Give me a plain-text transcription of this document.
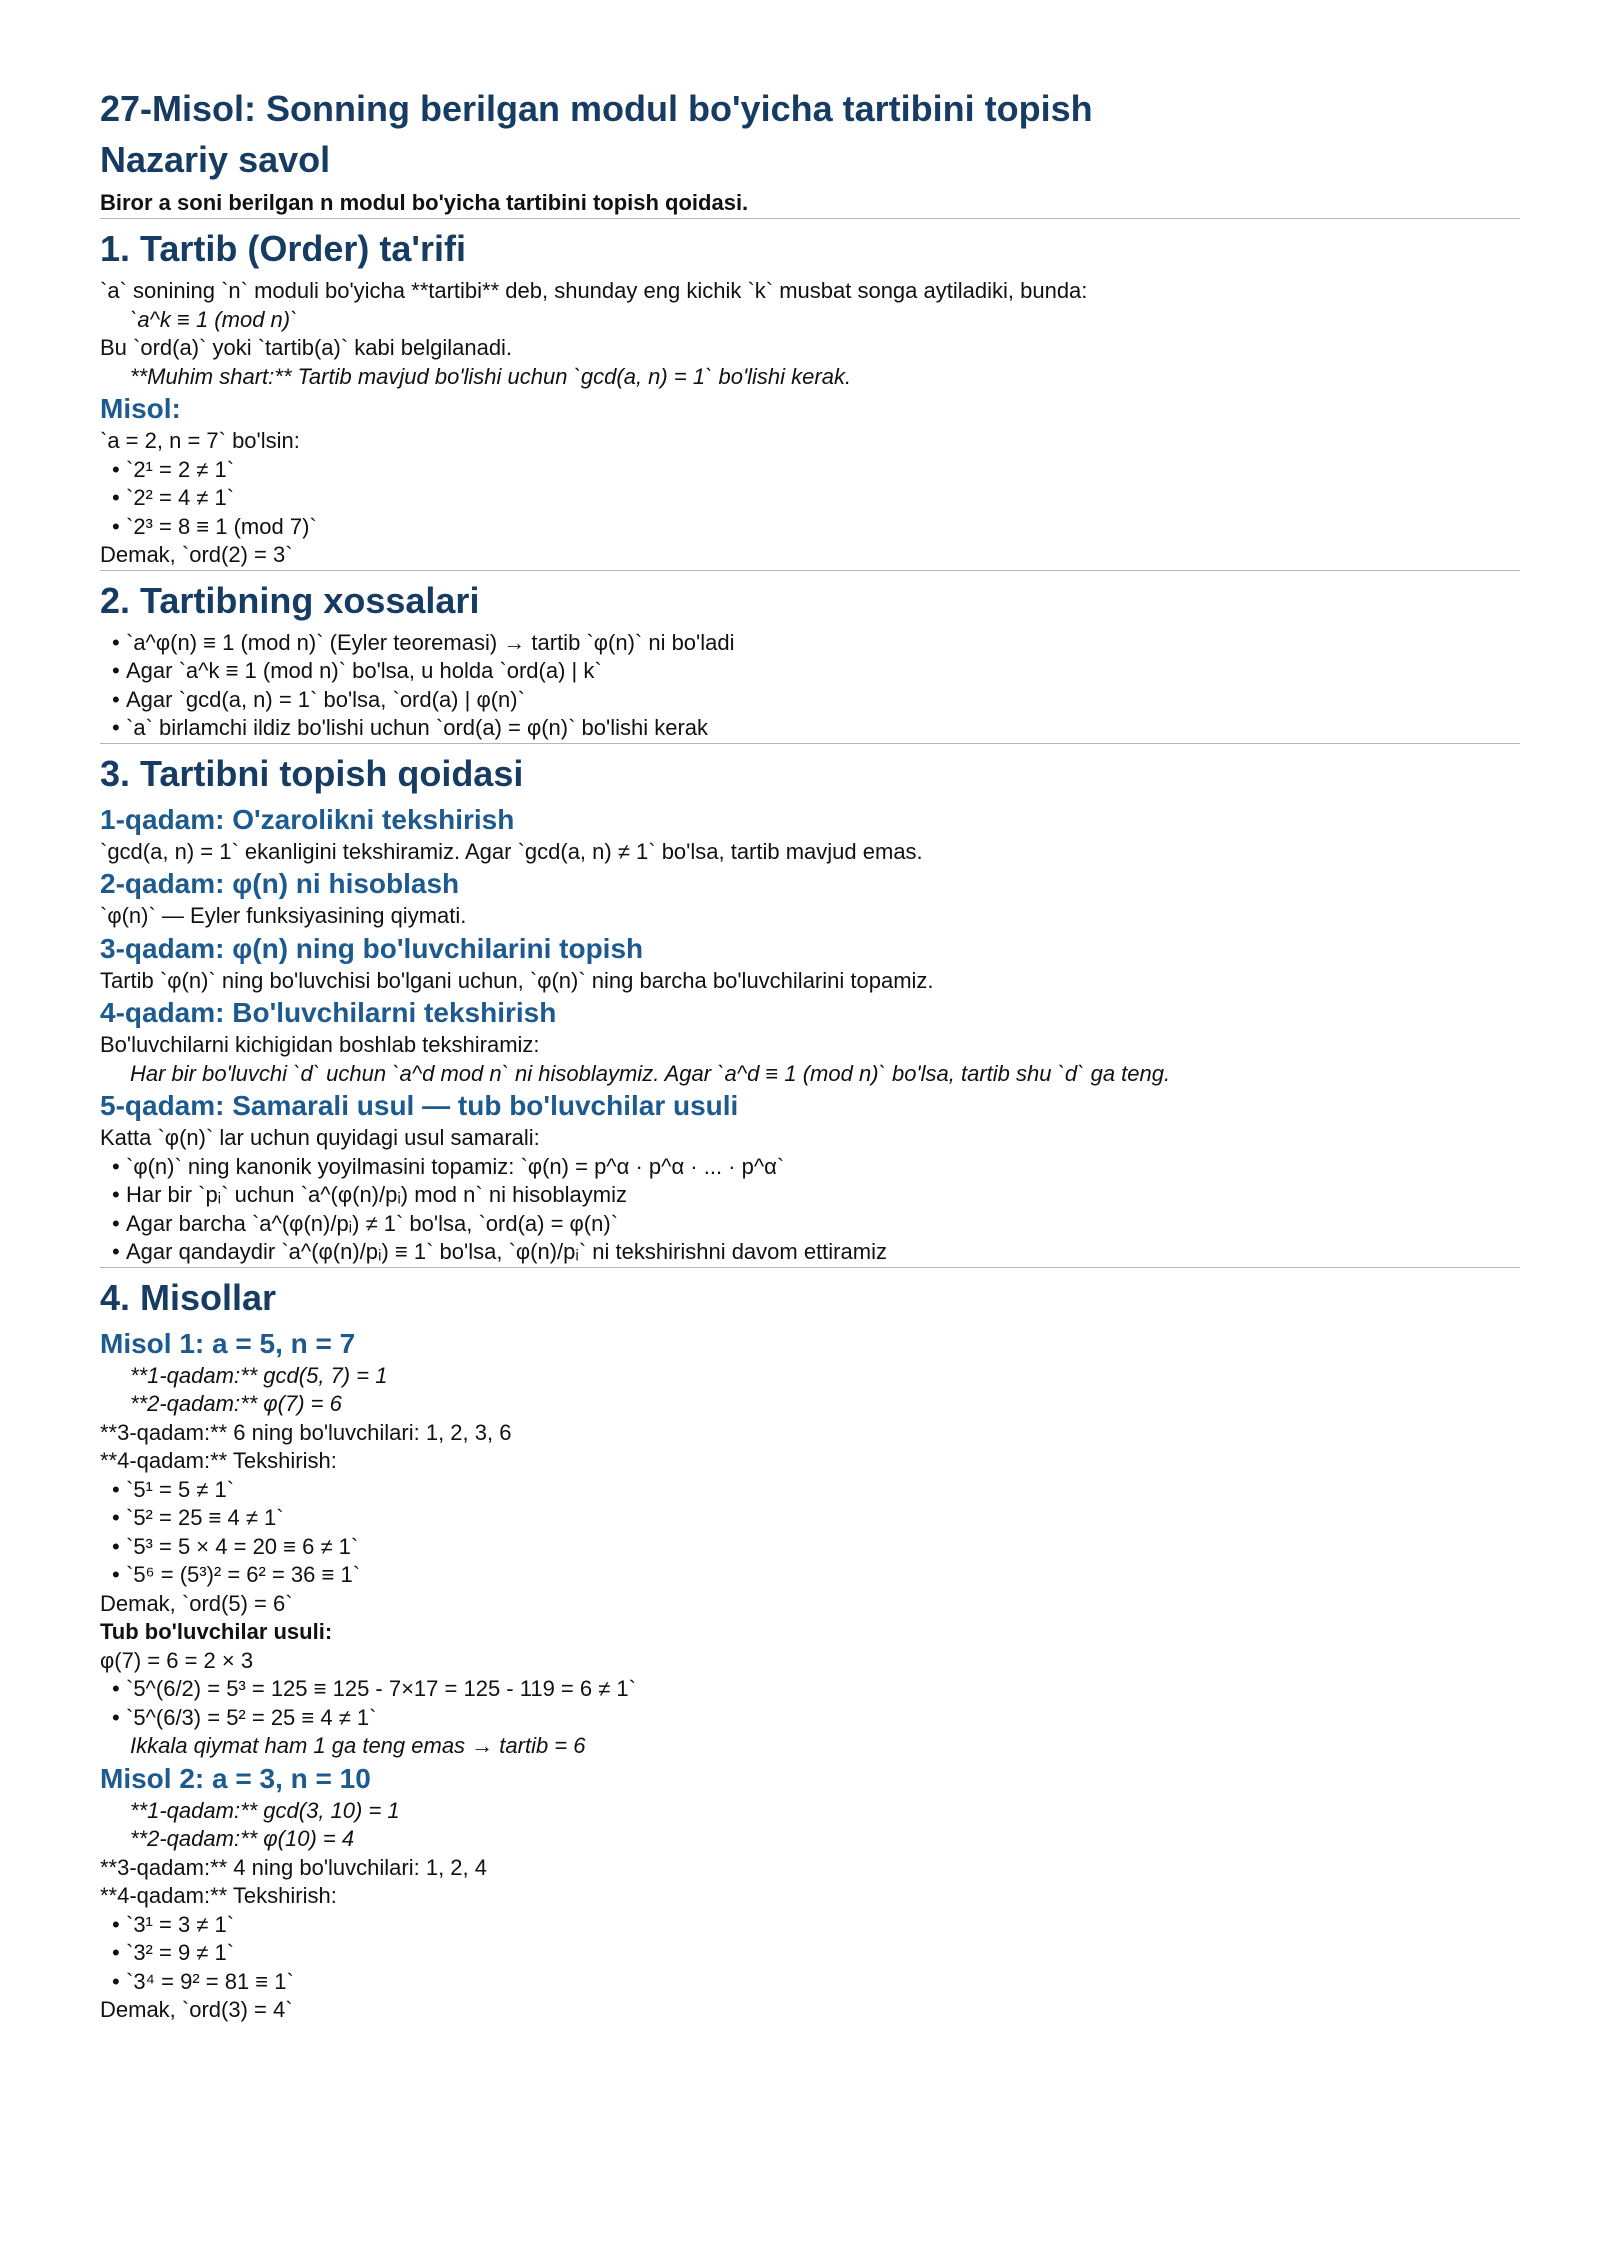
27-Misol: Sonning berilgan modul bo'yicha tartibini topish
Nazariy savol

Biror a soni berilgan n modul bo'yicha tartibini topish qoidasi.

1. Tartib (Order) ta'rifi

`a` sonining `n` moduli bo'yicha **tartibi** deb, shunday eng kichik `k` musbat songa aytiladiki, bunda:

`a^k ≡ 1 (mod n)`

Bu `ord(a)` yoki `tartib(a)` kabi belgilanadi.

**Muhim shart:** Tartib mavjud bo'lishi uchun `gcd(a, n) = 1` bo'lishi kerak.

Misol:

`a = 2, n = 7` bo'lsin:

• `2¹ = 2 ≠ 1`
• `2² = 4 ≠ 1`
• `2³ = 8 ≡ 1 (mod 7)`

Demak, `ord(2) = 3`

2. Tartibning xossalari
• `a^φ(n) ≡ 1 (mod n)` (Eyler teoremasi) → tartib `φ(n)` ni bo'ladi
• Agar `a^k ≡ 1 (mod n)` bo'lsa, u holda `ord(a) | k`
• Agar `gcd(a, n) = 1` bo'lsa, `ord(a) | φ(n)`
• `a` birlamchi ildiz bo'lishi uchun `ord(a) = φ(n)` bo'lishi kerak
3. Tartibni topish qoidasi
1-qadam: O'zarolikni tekshirish

`gcd(a, n) = 1` ekanligini tekshiramiz. Agar `gcd(a, n) ≠ 1` bo'lsa, tartib mavjud emas.

2-qadam: φ(n) ni hisoblash

`φ(n)` — Eyler funksiyasining qiymati.

3-qadam: φ(n) ning bo'luvchilarini topish

Tartib `φ(n)` ning bo'luvchisi bo'lgani uchun, `φ(n)` ning barcha bo'luvchilarini topamiz.

4-qadam: Bo'luvchilarni tekshirish

Bo'luvchilarni kichigidan boshlab tekshiramiz:

Har bir bo'luvchi `d` uchun `a^d mod n` ni hisoblaymiz. Agar `a^d ≡ 1 (mod n)` bo'lsa, tartib shu `d` ga teng.

5-qadam: Samarali usul — tub bo'luvchilar usuli

Katta `φ(n)` lar uchun quyidagi usul samarali:

• `φ(n)` ning kanonik yoyilmasini topamiz: `φ(n) = p^α · p^α · ... · p^α`
• Har bir `pᵢ` uchun `a^(φ(n)/pᵢ) mod n` ni hisoblaymiz
• Agar barcha `a^(φ(n)/pᵢ) ≠ 1` bo'lsa, `ord(a) = φ(n)`
• Agar qandaydir `a^(φ(n)/pᵢ) ≡ 1` bo'lsa, `φ(n)/pᵢ` ni tekshirishni davom ettiramiz
4. Misollar
Misol 1: a = 5, n = 7

**1-qadam:** gcd(5, 7) = 1

**2-qadam:** φ(7) = 6

**3-qadam:** 6 ning bo'luvchilari: 1, 2, 3, 6

**4-qadam:** Tekshirish:

• `5¹ = 5 ≠ 1`
• `5² = 25 ≡ 4 ≠ 1`
• `5³ = 5 × 4 = 20 ≡ 6 ≠ 1`
• `5⁶ = (5³)² = 6² = 36 ≡ 1`

Demak, `ord(5) = 6`

Tub bo'luvchilar usuli:

φ(7) = 6 = 2 × 3

• `5^(6/2) = 5³ = 125 ≡ 125 - 7×17 = 125 - 119 = 6 ≠ 1`
• `5^(6/3) = 5² = 25 ≡ 4 ≠ 1`

Ikkala qiymat ham 1 ga teng emas → tartib = 6

Misol 2: a = 3, n = 10

**1-qadam:** gcd(3, 10) = 1

**2-qadam:** φ(10) = 4

**3-qadam:** 4 ning bo'luvchilari: 1, 2, 4

**4-qadam:** Tekshirish:

• `3¹ = 3 ≠ 1`
• `3² = 9 ≠ 1`
• `3⁴ = 9² = 81 ≡ 1`

Demak, `ord(3) = 4`
